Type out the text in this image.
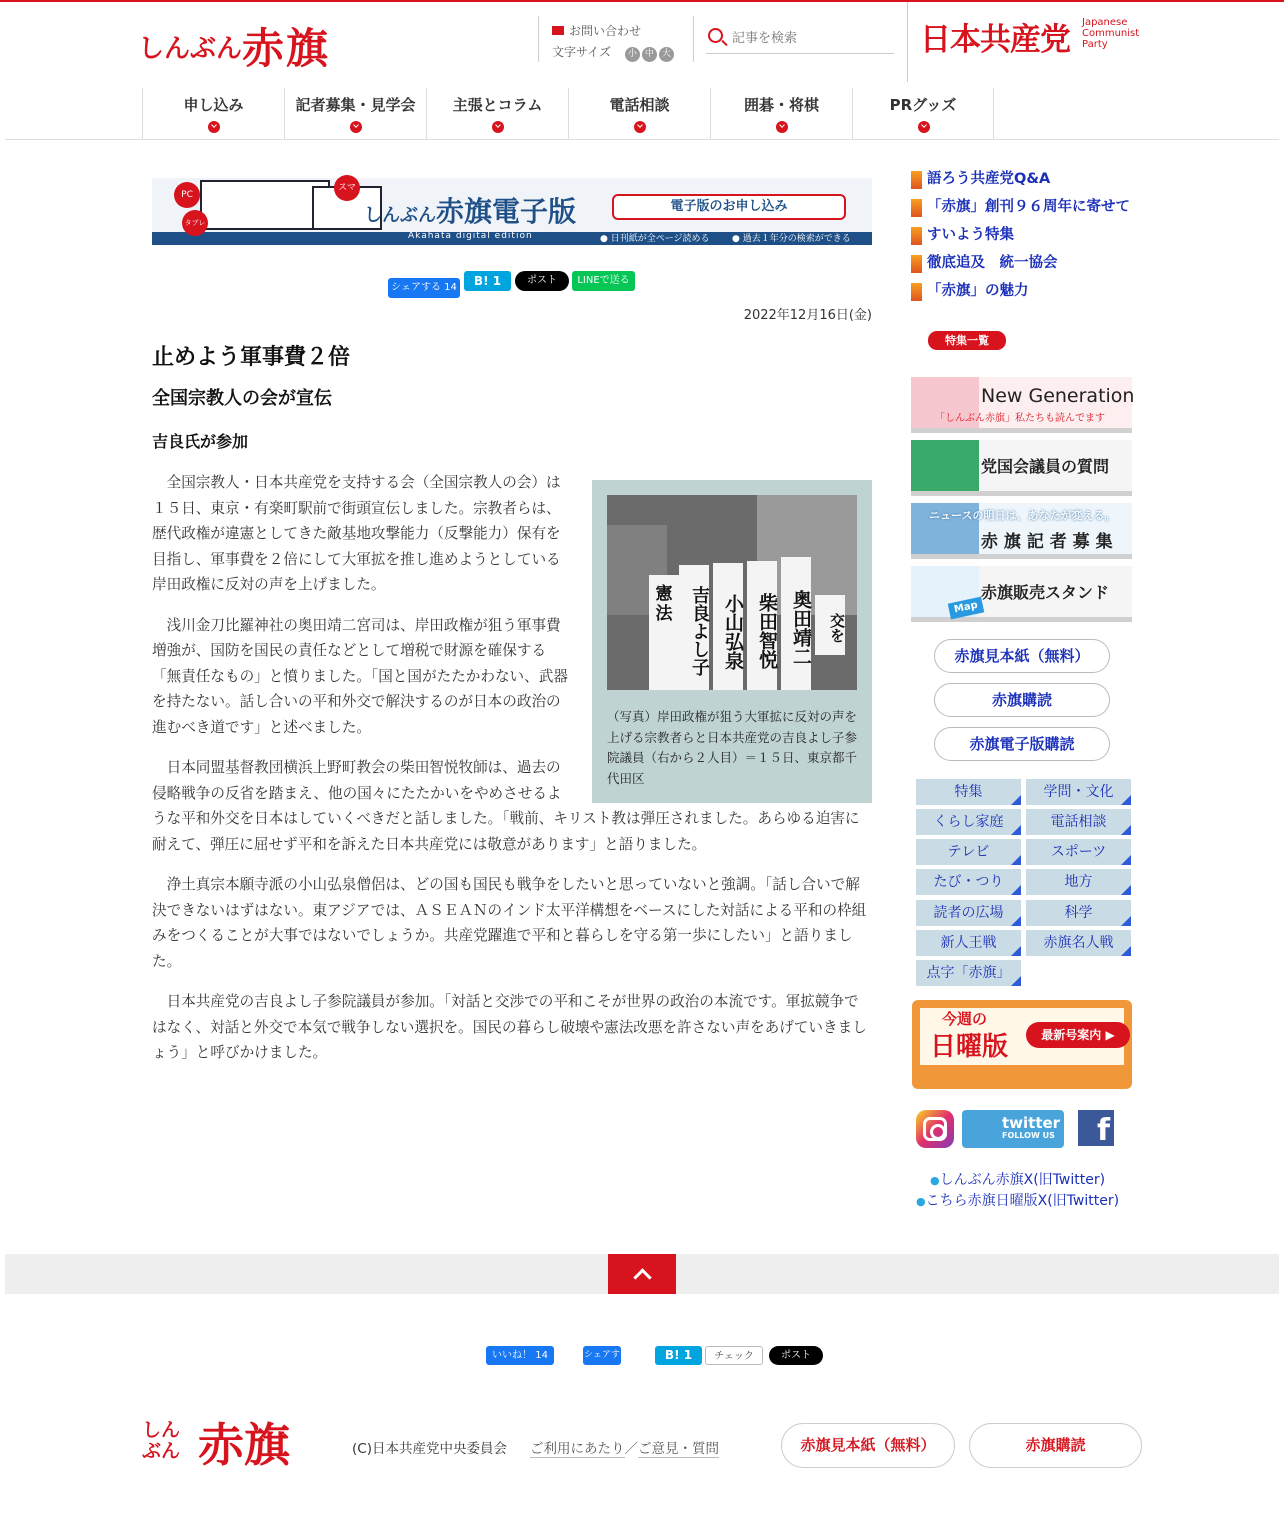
しんぶん赤旗	お問い合わせ
文字サイズ 小 中 大
記事を検索	日本共産党 Japanese
Communist
Party
申し込み	記者募集・見学会	主張とコラム	電話相談	囲碁・将棋	PRグッズ
PC
スマホ
タブレット
しんぶん赤旗電子版	電子版のお申し込み
Akahata digital edition	● 日刊紙が全ページ読める ● 過去１年分の検索ができる
シェアする 14	B! 1	ポスト	LINEで送る
2022年12月16日(金)
止めよう軍事費２倍
全国宗教人の会が宣伝
吉良氏が参加

全国宗教人・日本共産党を支持する会（全国宗教人の会）は１５日、東京・有楽町駅前で街頭宣伝しました。宗教者らは、歴代政権が違憲としてきた敵基地攻撃能力（反撃能力）保有を目指し、軍事費を２倍にして大軍拡を推し進めようとしている岸田政権に反対の声を上げました。

浅川金刀比羅神社の奥田靖二宮司は、岸田政権が狙う軍事費増強が、国防を国民の責任などとして増税で財源を確保する「無責任なもの」と憤りました。「国と国がたたかわない、武器を持たない。話し合いの平和外交で解決するのが日本の政治の進むべき道です」と述べました。

日本同盟基督教団横浜上野町教会の柴田智悦牧師は、過去の侵略戦争の反省を踏まえ、他の国々にたたかいをやめさせるような平和外交を日本はしていくべきだと話しました。「戦前、キリスト教は弾圧されました。あらゆる迫害に耐えて、弾圧に屈せず平和を訴えた日本共産党には敬意があります」と語りました。

浄土真宗本願寺派の小山弘泉僧侶は、どの国も国民も戦争をしたいと思っていないと強調。「話し合いで解決できないはずはない。東アジアでは、ＡＳＥＡＮのインド太平洋構想をベースにした対話による平和の枠組みをつくることが大事ではないでしょうか。共産党躍進で平和と暮らしを守る第一歩にしたい」と語りました。

日本共産党の吉良よし子参院議員が参加。「対話と交渉での平和こそが世界の政治の本流です。軍拡競争ではなく、対話と外交で本気で戦争しない選択を。国民の暮らし破壊や憲法改悪を許さない声をあげていきましょう」と呼びかけました。

憲法 吉良よし子 小山弘泉 柴田智悦 奥田靖二	交を
（写真）岸田政権が狙う大軍拡に反対の声を上げる宗教者らと日本共産党の吉良よし子参院議員（右から２人目）＝１５日、東京都千代田区
語ろう共産党Q&A
「赤旗」創刊９６周年に寄せて
すいよう特集
徹底追及　統一協会
「赤旗」の魅力
特集一覧
New Generation
「しんぶん赤旗」私たちも読んでます
党国会議員の質問
ニュースの明日は、あなたが変える。
赤 旗 記 者 募 集
Map
赤旗販売スタンド
赤旗見本紙（無料）
赤旗購読
赤旗電子版購読
特集	学問・文化
くらし家庭	電話相談
テレビ	スポーツ
たび・つり	地方
読者の広場	科学
新人王戦	赤旗名人戦
点字「赤旗」
今週の
日曜版	最新号案内 ▶
twitter
FOLLOW US	f
● しんぶん赤旗X(旧Twitter)
● こちら赤旗日曜版X(旧Twitter)
いいね！ 14	シェアする
B! 1	チェック	ポスト
しんぶん 赤旗	(C)日本共産党中央委員会 ご利用にあたり／ご意見・質問	赤旗見本紙（無料）	赤旗購読
